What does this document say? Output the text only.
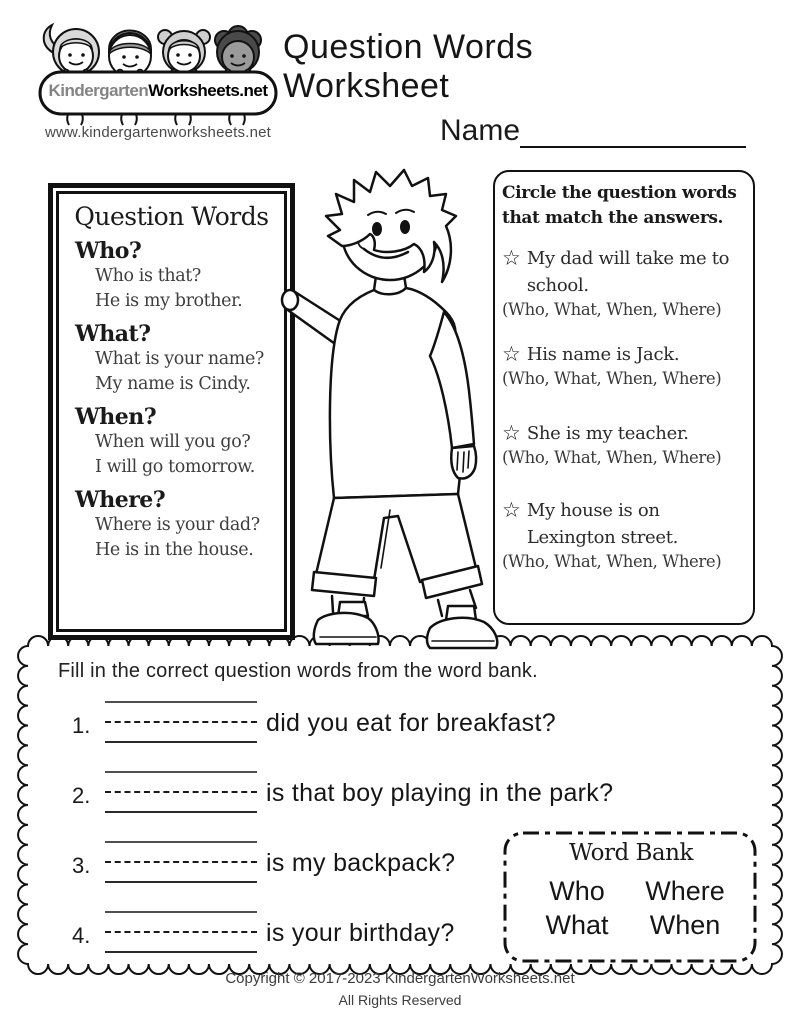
KindergartenWorksheets.net
www.kindergartenworksheets.net
Question Words Worksheet
Name
Question Words
Who?
Who is that?
He is my brother.
What?
What is your name?
My name is Cindy.
When?
When will you go?
I will go tomorrow.
Where?
Where is your dad?
He is in the house.
Circle the question words
that match the answers.
☆ My dad will take me to school.
(Who, What, When, Where)
☆ His name is Jack.
(Who, What, When, Where)
☆ She is my teacher.
(Who, What, When, Where)
☆ My house is on Lexington street.
(Who, What, When, Where)
Fill in the correct question words from the word bank.
1.	did you eat for breakfast?
2.	is that boy playing in the park?
3.	is my backpack?
4.	is your birthday?
Word Bank
Who Where
What When
Copyright © 2017-2023 KindergartenWorksheets.net
All Rights Reserved
